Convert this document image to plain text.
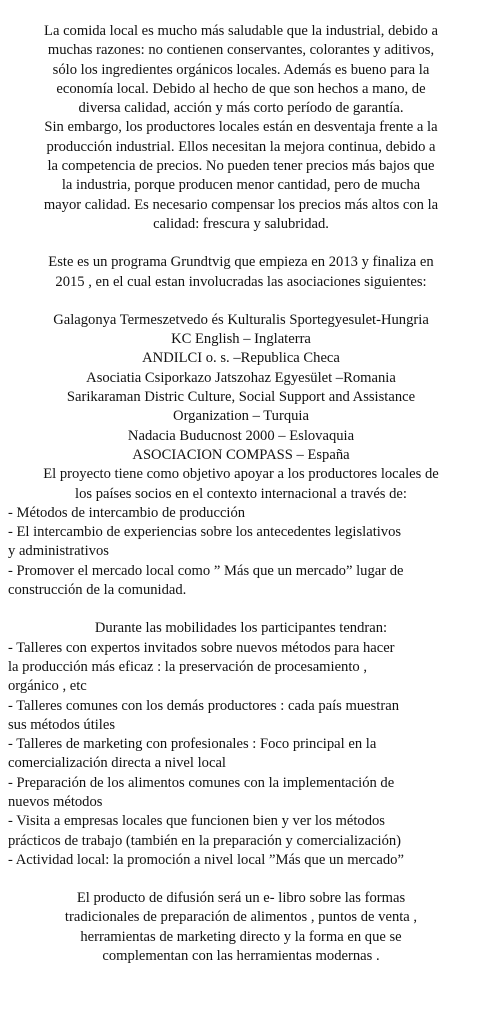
La comida local es mucho más saludable que la industrial, debido a
muchas razones: no contienen conservantes, colorantes y aditivos,
sólo los ingredientes orgánicos locales. Además es bueno para la
economía local. Debido al hecho de que son hechos a mano, de
diversa calidad, acción y más corto período de garantía.
Sin embargo, los productores locales están en desventaja frente a la
producción industrial. Ellos necesitan la mejora continua, debido a
la competencia de precios. No pueden tener precios más bajos que
la industria, porque producen menor cantidad, pero de mucha
mayor calidad. Es necesario compensar los precios más altos con la
calidad: frescura y salubridad.
Este es un programa Grundtvig que empieza en 2013 y finaliza en
2015 , en el cual estan involucradas las asociaciones siguientes:
Galagonya Termeszetvedo és Kulturalis Sportegyesulet-Hungria
KC English – Inglaterra
ANDILCI o. s. –Republica Checa
Asociatia Csiporkazo Jatszohaz Egyesület –Romania
Sarikaraman Distric Culture, Social Support and Assistance
Organization – Turquia
Nadacia Buducnost 2000 – Eslovaquia
ASOCIACION COMPASS – España
El proyecto tiene como objetivo apoyar a los productores locales de
los países socios en el contexto internacional a través de:
- Métodos de intercambio de producción
- El intercambio de experiencias sobre los antecedentes legislativos
y administrativos
- Promover el mercado local como ” Más que un mercado” lugar de
construcción de la comunidad.
Durante las mobilidades los participantes tendran:
- Talleres con expertos invitados sobre nuevos métodos para hacer
la producción más eficaz : la preservación de procesamiento ,
orgánico , etc
- Talleres comunes con los demás productores : cada país muestran
sus métodos útiles
- Talleres de marketing con profesionales : Foco principal en la
comercialización directa a nivel local
- Preparación de los alimentos comunes con la implementación de
nuevos métodos
- Visita a empresas locales que funcionen bien y ver los métodos
prácticos de trabajo (también en la preparación y comercialización)
- Actividad local: la promoción a nivel local ”Más que un mercado”
El producto de difusión será un e- libro sobre las formas
tradicionales de preparación de alimentos , puntos de venta ,
herramientas de marketing directo y la forma en que se
complementan con las herramientas modernas .
